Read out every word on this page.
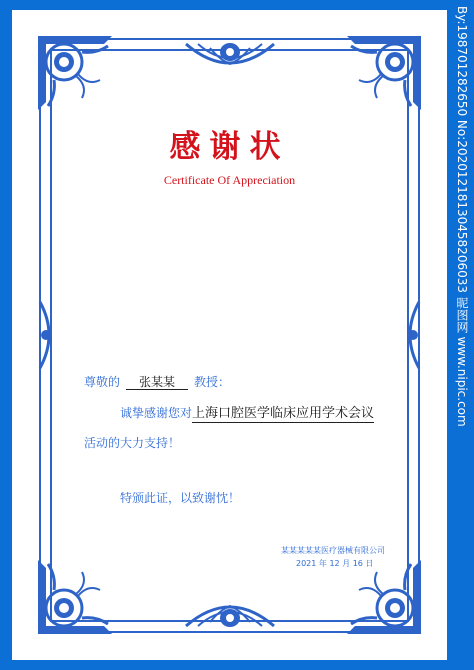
感谢状
Certificate Of Appreciation
尊敬的 张某某 教授：
诚挚感谢您对上海口腔医学临床应用学术会议
活动的大力支持！
特颁此证，以致谢忱！
某某某某某医疗器械有限公司
2021 年 12 月 16 日
By:19870128265​0 No:20201218130458206033 昵图网 www.nipic.com
